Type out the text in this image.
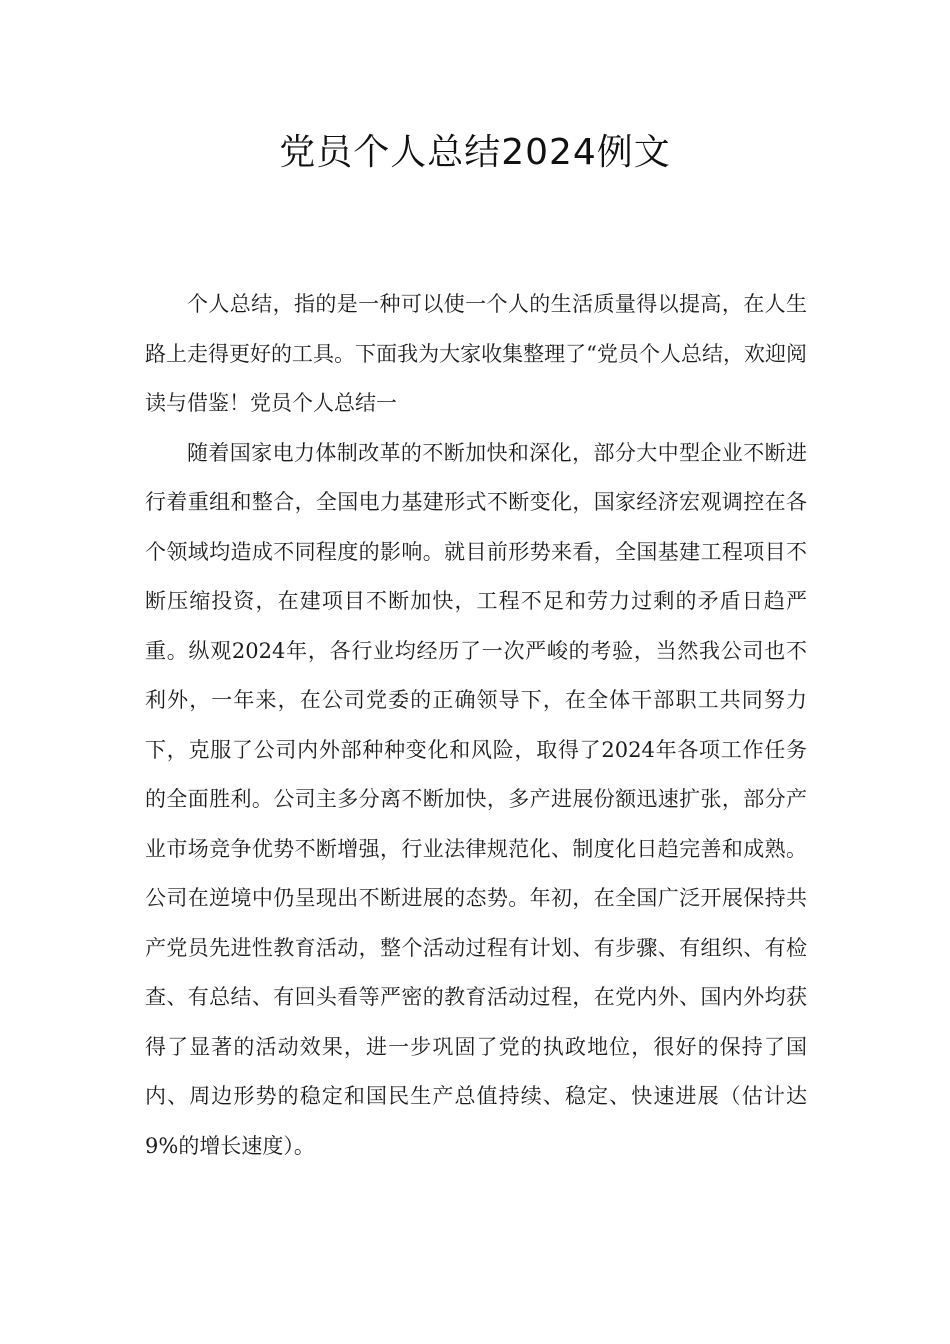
党员个人总结2024例文

个人总结，指的是一种可以使一个人的生活质量得以提高，在人生路上走得更好的工具。下面我为大家收集整理了“党员个人总结，欢迎阅读与借鉴！党员个人总结一

随着国家电力体制改革的不断加快和深化，部分大中型企业不断进行着重组和整合，全国电力基建形式不断变化，国家经济宏观调控在各个领域均造成不同程度的影响。就目前形势来看，全国基建工程项目不断压缩投资，在建项目不断加快，工程不足和劳力过剩的矛盾日趋严重。纵观2024年，各行业均经历了一次严峻的考验，当然我公司也不利外，一年来，在公司党委的正确领导下，在全体干部职工共同努力下，克服了公司内外部种种变化和风险，取得了2024年各项工作任务的全面胜利。公司主多分离不断加快，多产进展份额迅速扩张，部分产业市场竞争优势不断增强，行业法律规范化、制度化日趋完善和成熟。公司在逆境中仍呈现出不断进展的态势。年初，在全国广泛开展保持共产党员先进性教育活动，整个活动过程有计划、有步骤、有组织、有检查、有总结、有回头看等严密的教育活动过程，在党内外、国内外均获得了显著的活动效果，进一步巩固了党的执政地位，很好的保持了国内、周边形势的稳定和国民生产总值持续、稳定、快速进展（估计达 9%的增长速度）。
